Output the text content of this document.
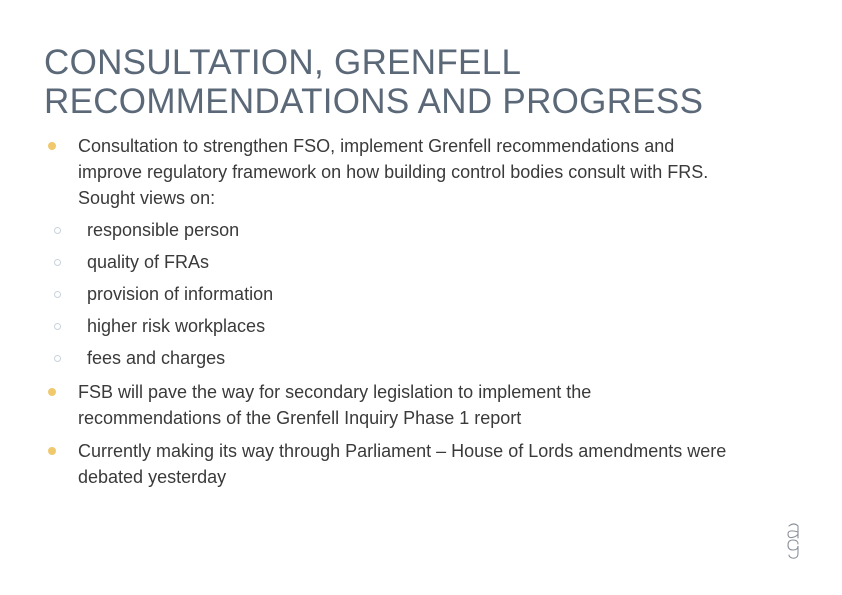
CONSULTATION, GRENFELL
RECOMMENDATIONS AND PROGRESS
Consultation to strengthen FSO, implement Grenfell recommendations and
improve regulatory framework on how building control bodies consult with FRS.
Sought views on:
responsible person
quality of FRAs
provision of information
higher risk workplaces
fees and charges
FSB will pave the way for secondary legislation to implement the
recommendations of the Grenfell Inquiry Phase 1 report
Currently making its way through Parliament – House of Lords amendments were
debated yesterday
